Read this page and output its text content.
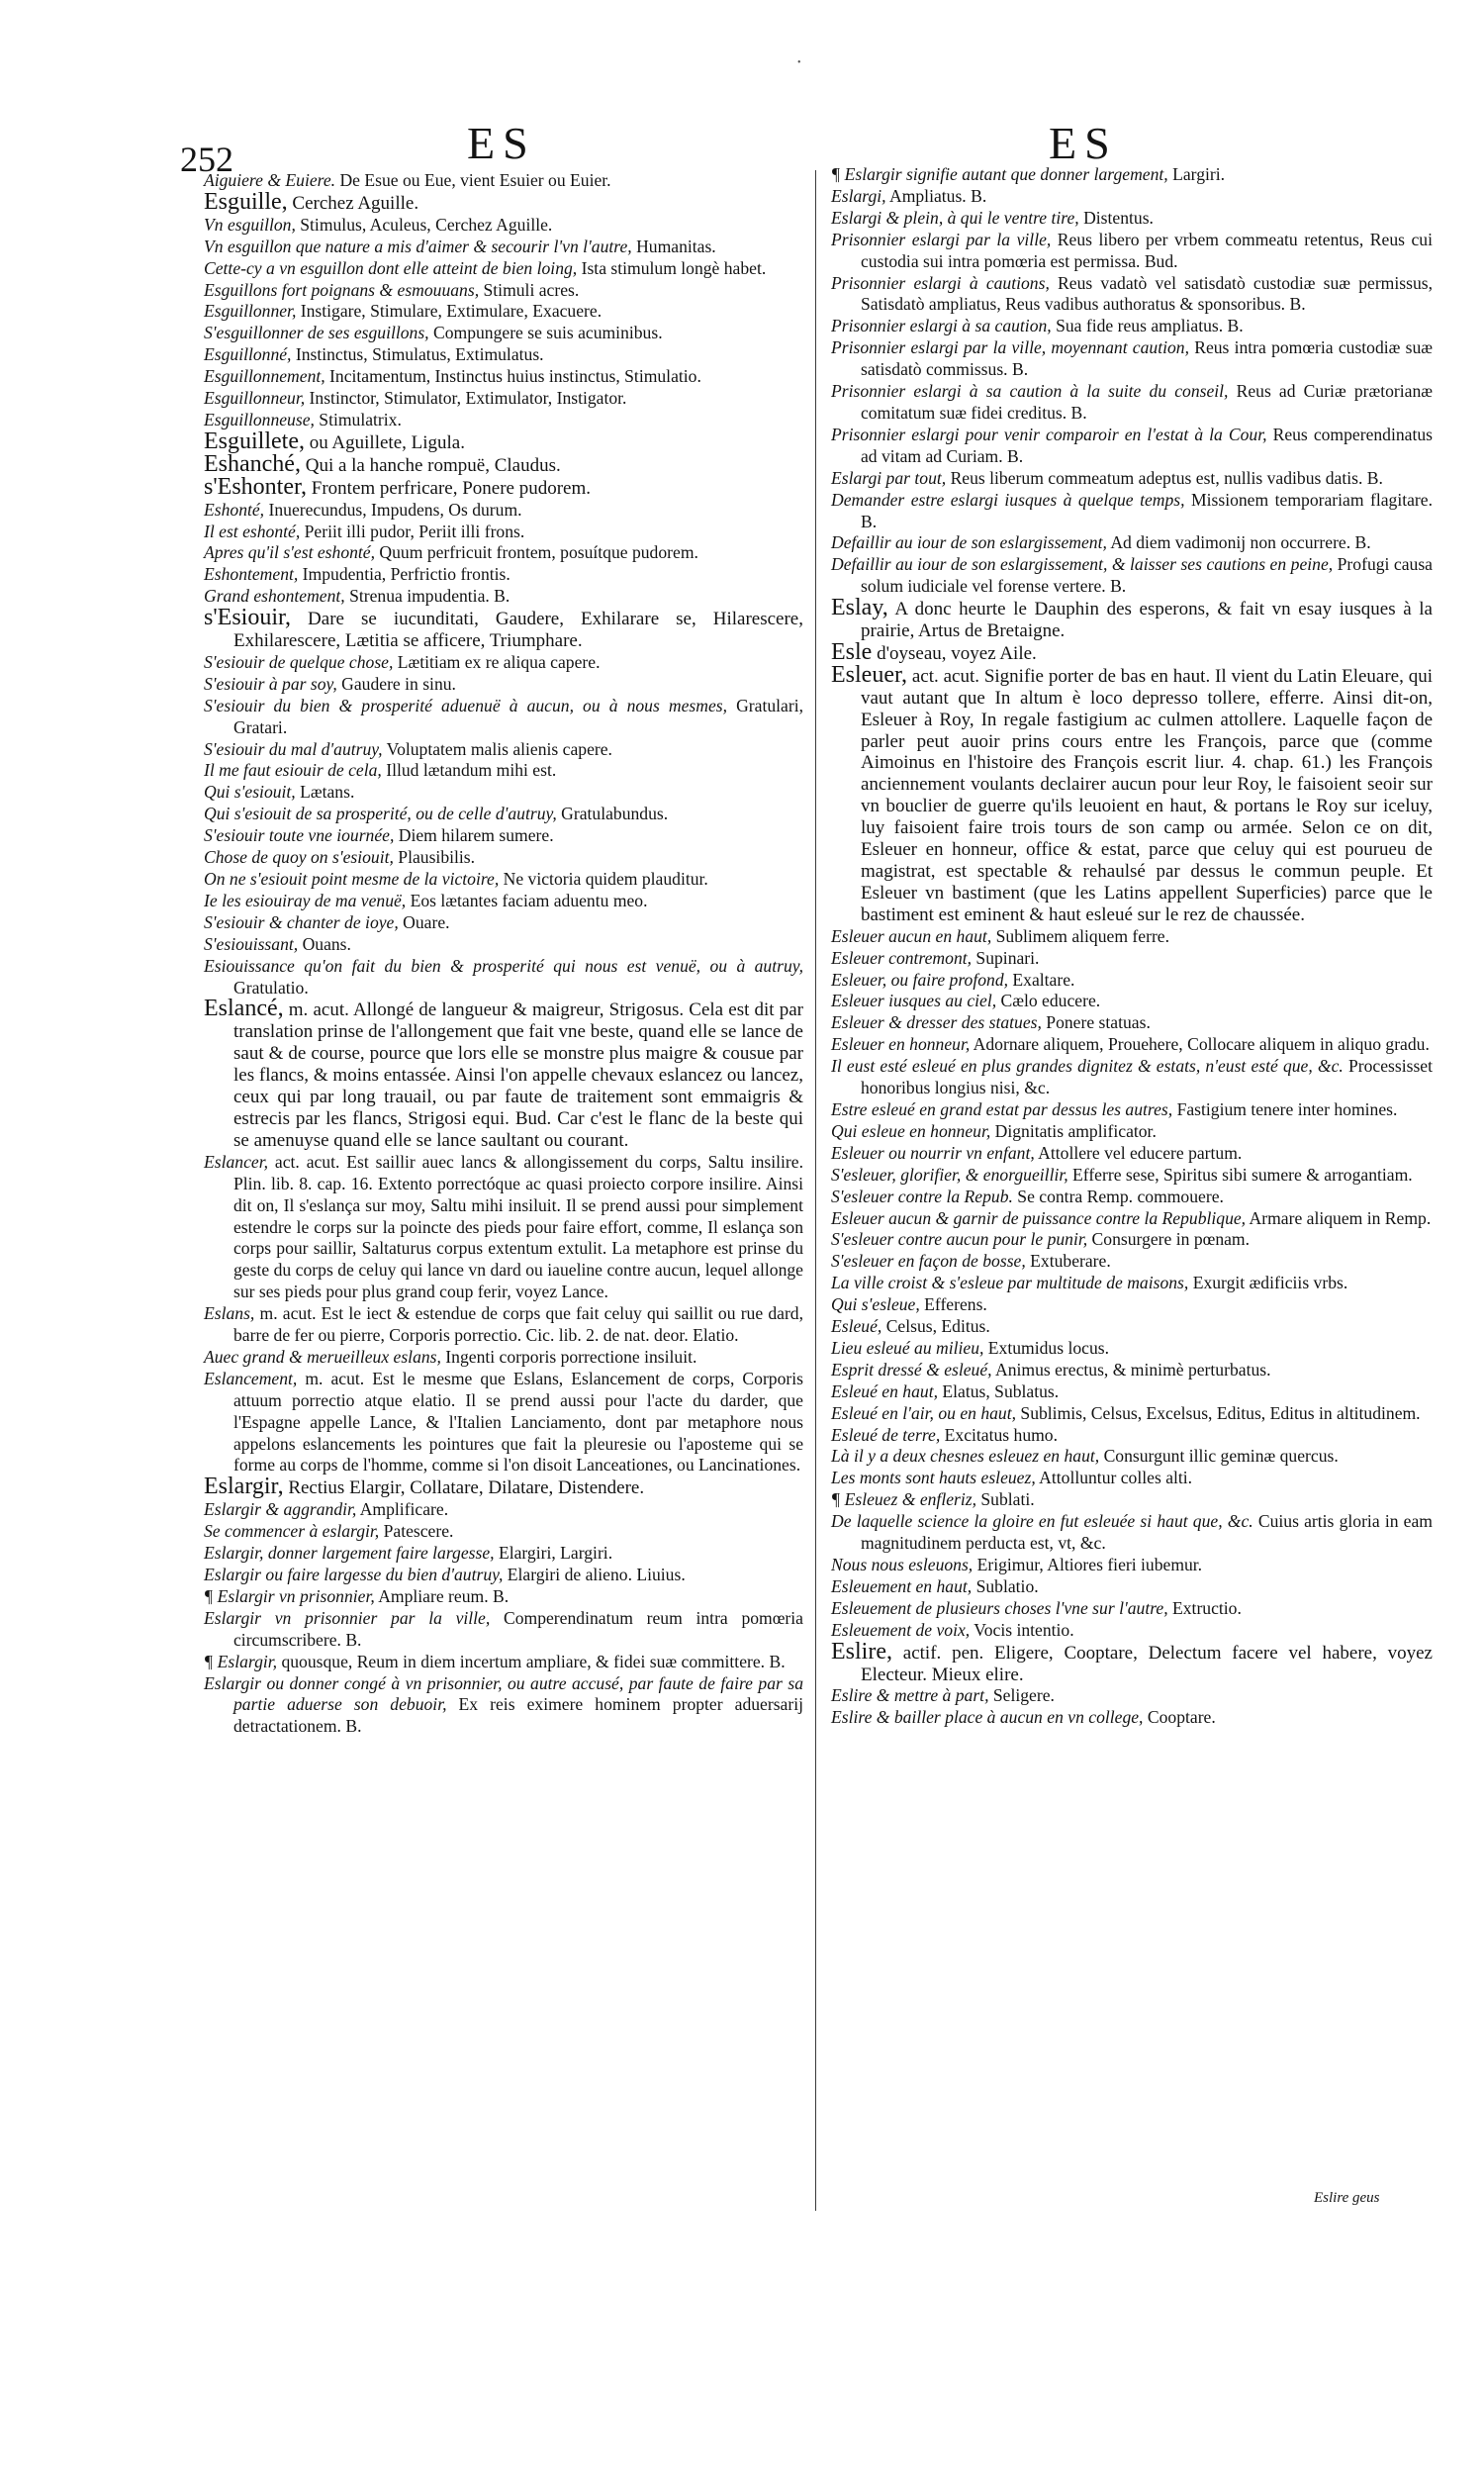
•
252	ES	ES

Aiguiere & Euiere. De Esue ou Eue, vient Esuier ou Euier.

Esguille, Cerchez Aguille.

Vn esguillon, Stimulus, Aculeus, Cerchez Aguille.

Vn esguillon que nature a mis d'aimer & secourir l'vn l'autre, Humanitas.

Cette-cy a vn esguillon dont elle atteint de bien loing, Ista stimulum longè habet.

Esguillons fort poignans & esmouuans, Stimuli acres.

Esguillonner, Instigare, Stimulare, Extimulare, Exacuere.

S'esguillonner de ses esguillons, Compungere se suis acuminibus.

Esguillonné, Instinctus, Stimulatus, Extimulatus.

Esguillonnement, Incitamentum, Instinctus huius instinctus, Stimulatio.

Esguillonneur, Instinctor, Stimulator, Extimulator, Instigator.

Esguillonneuse, Stimulatrix.

Esguillete, ou Aguillete, Ligula.

Eshanché, Qui a la hanche rompuë, Claudus.

s'Eshonter, Frontem perfricare, Ponere pudorem.

Eshonté, Inuerecundus, Impudens, Os durum.

Il est eshonté, Periit illi pudor, Periit illi frons.

Apres qu'il s'est eshonté, Quum perfricuit frontem, posuítque pudorem.

Eshontement, Impudentia, Perfrictio frontis.

Grand eshontement, Strenua impudentia. B.

s'Esiouir, Dare se iucunditati, Gaudere, Exhilarare se, Hilarescere, Exhilarescere, Lætitia se afficere, Triumphare.

S'esiouir de quelque chose, Lætitiam ex re aliqua capere.

S'esiouir à par soy, Gaudere in sinu.

S'esiouir du bien & prosperité aduenuë à aucun, ou à nous mesmes, Gratulari, Gratari.

S'esiouir du mal d'autruy, Voluptatem malis alienis capere.

Il me faut esiouir de cela, Illud lætandum mihi est.

Qui s'esiouit, Lætans.

Qui s'esiouit de sa prosperité, ou de celle d'autruy, Gratulabundus.

S'esiouir toute vne iournée, Diem hilarem sumere.

Chose de quoy on s'esiouit, Plausibilis.

On ne s'esiouit point mesme de la victoire, Ne victoria quidem plauditur.

Ie les esiouiray de ma venuë, Eos lætantes faciam aduentu meo.

S'esiouir & chanter de ioye, Ouare.

S'esiouissant, Ouans.

Esiouissance qu'on fait du bien & prosperité qui nous est venuë, ou à autruy, Gratulatio.

Eslancé, m. acut. Allongé de langueur & maigreur, Strigosus. Cela est dit par translation prinse de l'allongement que fait vne beste, quand elle se lance de saut & de course, pource que lors elle se monstre plus maigre & cousue par les flancs, & moins entassée. Ainsi l'on appelle chevaux eslancez ou lancez, ceux qui par long trauail, ou par faute de traitement sont emmaigris & estrecis par les flancs, Strigosi equi. Bud. Car c'est le flanc de la beste qui se amenuyse quand elle se lance saultant ou courant.

Eslancer, act. acut. Est saillir auec lancs & allongissement du corps, Saltu insilire. Plin. lib. 8. cap. 16. Extento porrectóque ac quasi proiecto corpore insilire. Ainsi dit on, Il s'eslança sur moy, Saltu mihi insiluit. Il se prend aussi pour simplement estendre le corps sur la poincte des pieds pour faire effort, comme, Il eslança son corps pour saillir, Saltaturus corpus extentum extulit. La metaphore est prinse du geste du corps de celuy qui lance vn dard ou iaueline contre aucun, lequel allonge sur ses pieds pour plus grand coup ferir, voyez Lance.

Eslans, m. acut. Est le iect & estendue de corps que fait celuy qui saillit ou rue dard, barre de fer ou pierre, Corporis porrectio. Cic. lib. 2. de nat. deor. Elatio.

Auec grand & merueilleux eslans, Ingenti corporis porrectione insiluit.

Eslancement, m. acut. Est le mesme que Eslans, Eslancement de corps, Corporis attuum porrectio atque elatio. Il se prend aussi pour l'acte du darder, que l'Espagne appelle Lance, & l'Italien Lanciamento, dont par metaphore nous appelons eslancements les pointures que fait la pleuresie ou l'aposteme qui se forme au corps de l'homme, comme si l'on disoit Lanceationes, ou Lancinationes.

Eslargir, Rectius Elargir, Collatare, Dilatare, Distendere.

Eslargir & aggrandir, Amplificare.

Se commencer à eslargir, Patescere.

Eslargir, donner largement faire largesse, Elargiri, Largiri.

Eslargir ou faire largesse du bien d'autruy, Elargiri de alieno. Liuius.

¶ Eslargir vn prisonnier, Ampliare reum. B.

Eslargir vn prisonnier par la ville, Comperendinatum reum intra pomœria circumscribere. B.

¶ Eslargir, quousque, Reum in diem incertum ampliare, & fidei suæ committere. B.

Eslargir ou donner congé à vn prisonnier, ou autre accusé, par faute de faire par sa partie aduerse son debuoir, Ex reis eximere hominem propter aduersarij detractationem. B.

¶ Eslargir signifie autant que donner largement, Largiri.

Eslargi, Ampliatus. B.

Eslargi & plein, à qui le ventre tire, Distentus.

Prisonnier eslargi par la ville, Reus libero per vrbem commeatu retentus, Reus cui custodia sui intra pomœria est permissa. Bud.

Prisonnier eslargi à cautions, Reus vadatò vel satisdatò custodiæ suæ permissus, Satisdatò ampliatus, Reus vadibus authoratus & sponsoribus. B.

Prisonnier eslargi à sa caution, Sua fide reus ampliatus. B.

Prisonnier eslargi par la ville, moyennant caution, Reus intra pomœria custodiæ suæ satisdatò commissus. B.

Prisonnier eslargi à sa caution à la suite du conseil, Reus ad Curiæ prætorianæ comitatum suæ fidei creditus. B.

Prisonnier eslargi pour venir comparoir en l'estat à la Cour, Reus comperendinatus ad vitam ad Curiam. B.

Eslargi par tout, Reus liberum commeatum adeptus est, nullis vadibus datis. B.

Demander estre eslargi iusques à quelque temps, Missionem temporariam flagitare. B.

Defaillir au iour de son eslargissement, Ad diem vadimonij non occurrere. B.

Defaillir au iour de son eslargissement, & laisser ses cautions en peine, Profugi causa solum iudiciale vel forense vertere. B.

Eslay, A donc heurte le Dauphin des esperons, & fait vn esay iusques à la prairie, Artus de Bretaigne.

Esle d'oyseau, voyez Aile.

Esleuer, act. acut. Signifie porter de bas en haut. Il vient du Latin Eleuare, qui vaut autant que In altum è loco depresso tollere, efferre. Ainsi dit-on, Esleuer à Roy, In regale fastigium ac culmen attollere. Laquelle façon de parler peut auoir prins cours entre les François, parce que (comme Aimoinus en l'histoire des François escrit liur. 4. chap. 61.) les François anciennement voulants declairer aucun pour leur Roy, le faisoient seoir sur vn bouclier de guerre qu'ils leuoient en haut, & portans le Roy sur iceluy, luy faisoient faire trois tours de son camp ou armée. Selon ce on dit, Esleuer en honneur, office & estat, parce que celuy qui est pourueu de magistrat, est spectable & rehaulsé par dessus le commun peuple. Et Esleuer vn bastiment (que les Latins appellent Superficies) parce que le bastiment est eminent & haut esleué sur le rez de chaussée.

Esleuer aucun en haut, Sublimem aliquem ferre.

Esleuer contremont, Supinari.

Esleuer, ou faire profond, Exaltare.

Esleuer iusques au ciel, Cælo educere.

Esleuer & dresser des statues, Ponere statuas.

Esleuer en honneur, Adornare aliquem, Prouehere, Collocare aliquem in aliquo gradu.

Il eust esté esleué en plus grandes dignitez & estats, n'eust esté que, &c. Processisset honoribus longius nisi, &c.

Estre esleué en grand estat par dessus les autres, Fastigium tenere inter homines.

Qui esleue en honneur, Dignitatis amplificator.

Esleuer ou nourrir vn enfant, Attollere vel educere partum.

S'esleuer, glorifier, & enorgueillir, Efferre sese, Spiritus sibi sumere & arrogantiam.

S'esleuer contre la Repub. Se contra Remp. commouere.

Esleuer aucun & garnir de puissance contre la Republique, Armare aliquem in Remp.

S'esleuer contre aucun pour le punir, Consurgere in pœnam.

S'esleuer en façon de bosse, Extuberare.

La ville croist & s'esleue par multitude de maisons, Exurgit ædificiis vrbs.

Qui s'esleue, Efferens.

Esleué, Celsus, Editus.

Lieu esleué au milieu, Extumidus locus.

Esprit dressé & esleué, Animus erectus, & minimè perturbatus.

Esleué en haut, Elatus, Sublatus.

Esleué en l'air, ou en haut, Sublimis, Celsus, Excelsus, Editus, Editus in altitudinem.

Esleué de terre, Excitatus humo.

Là il y a deux chesnes esleuez en haut, Consurgunt illic geminæ quercus.

Les monts sont hauts esleuez, Attolluntur colles alti.

¶ Esleuez & enfleriz, Sublati.

De laquelle science la gloire en fut esleuée si haut que, &c. Cuius artis gloria in eam magnitudinem perducta est, vt, &c.

Nous nous esleuons, Erigimur, Altiores fieri iubemur.

Esleuement en haut, Sublatio.

Esleuement de plusieurs choses l'vne sur l'autre, Extructio.

Esleuement de voix, Vocis intentio.

Eslire, actif. pen. Eligere, Cooptare, Delectum facere vel habere, voyez Electeur. Mieux elire.

Eslire & mettre à part, Seligere.

Eslire & bailler place à aucun en vn college, Cooptare.

Eslire geus
